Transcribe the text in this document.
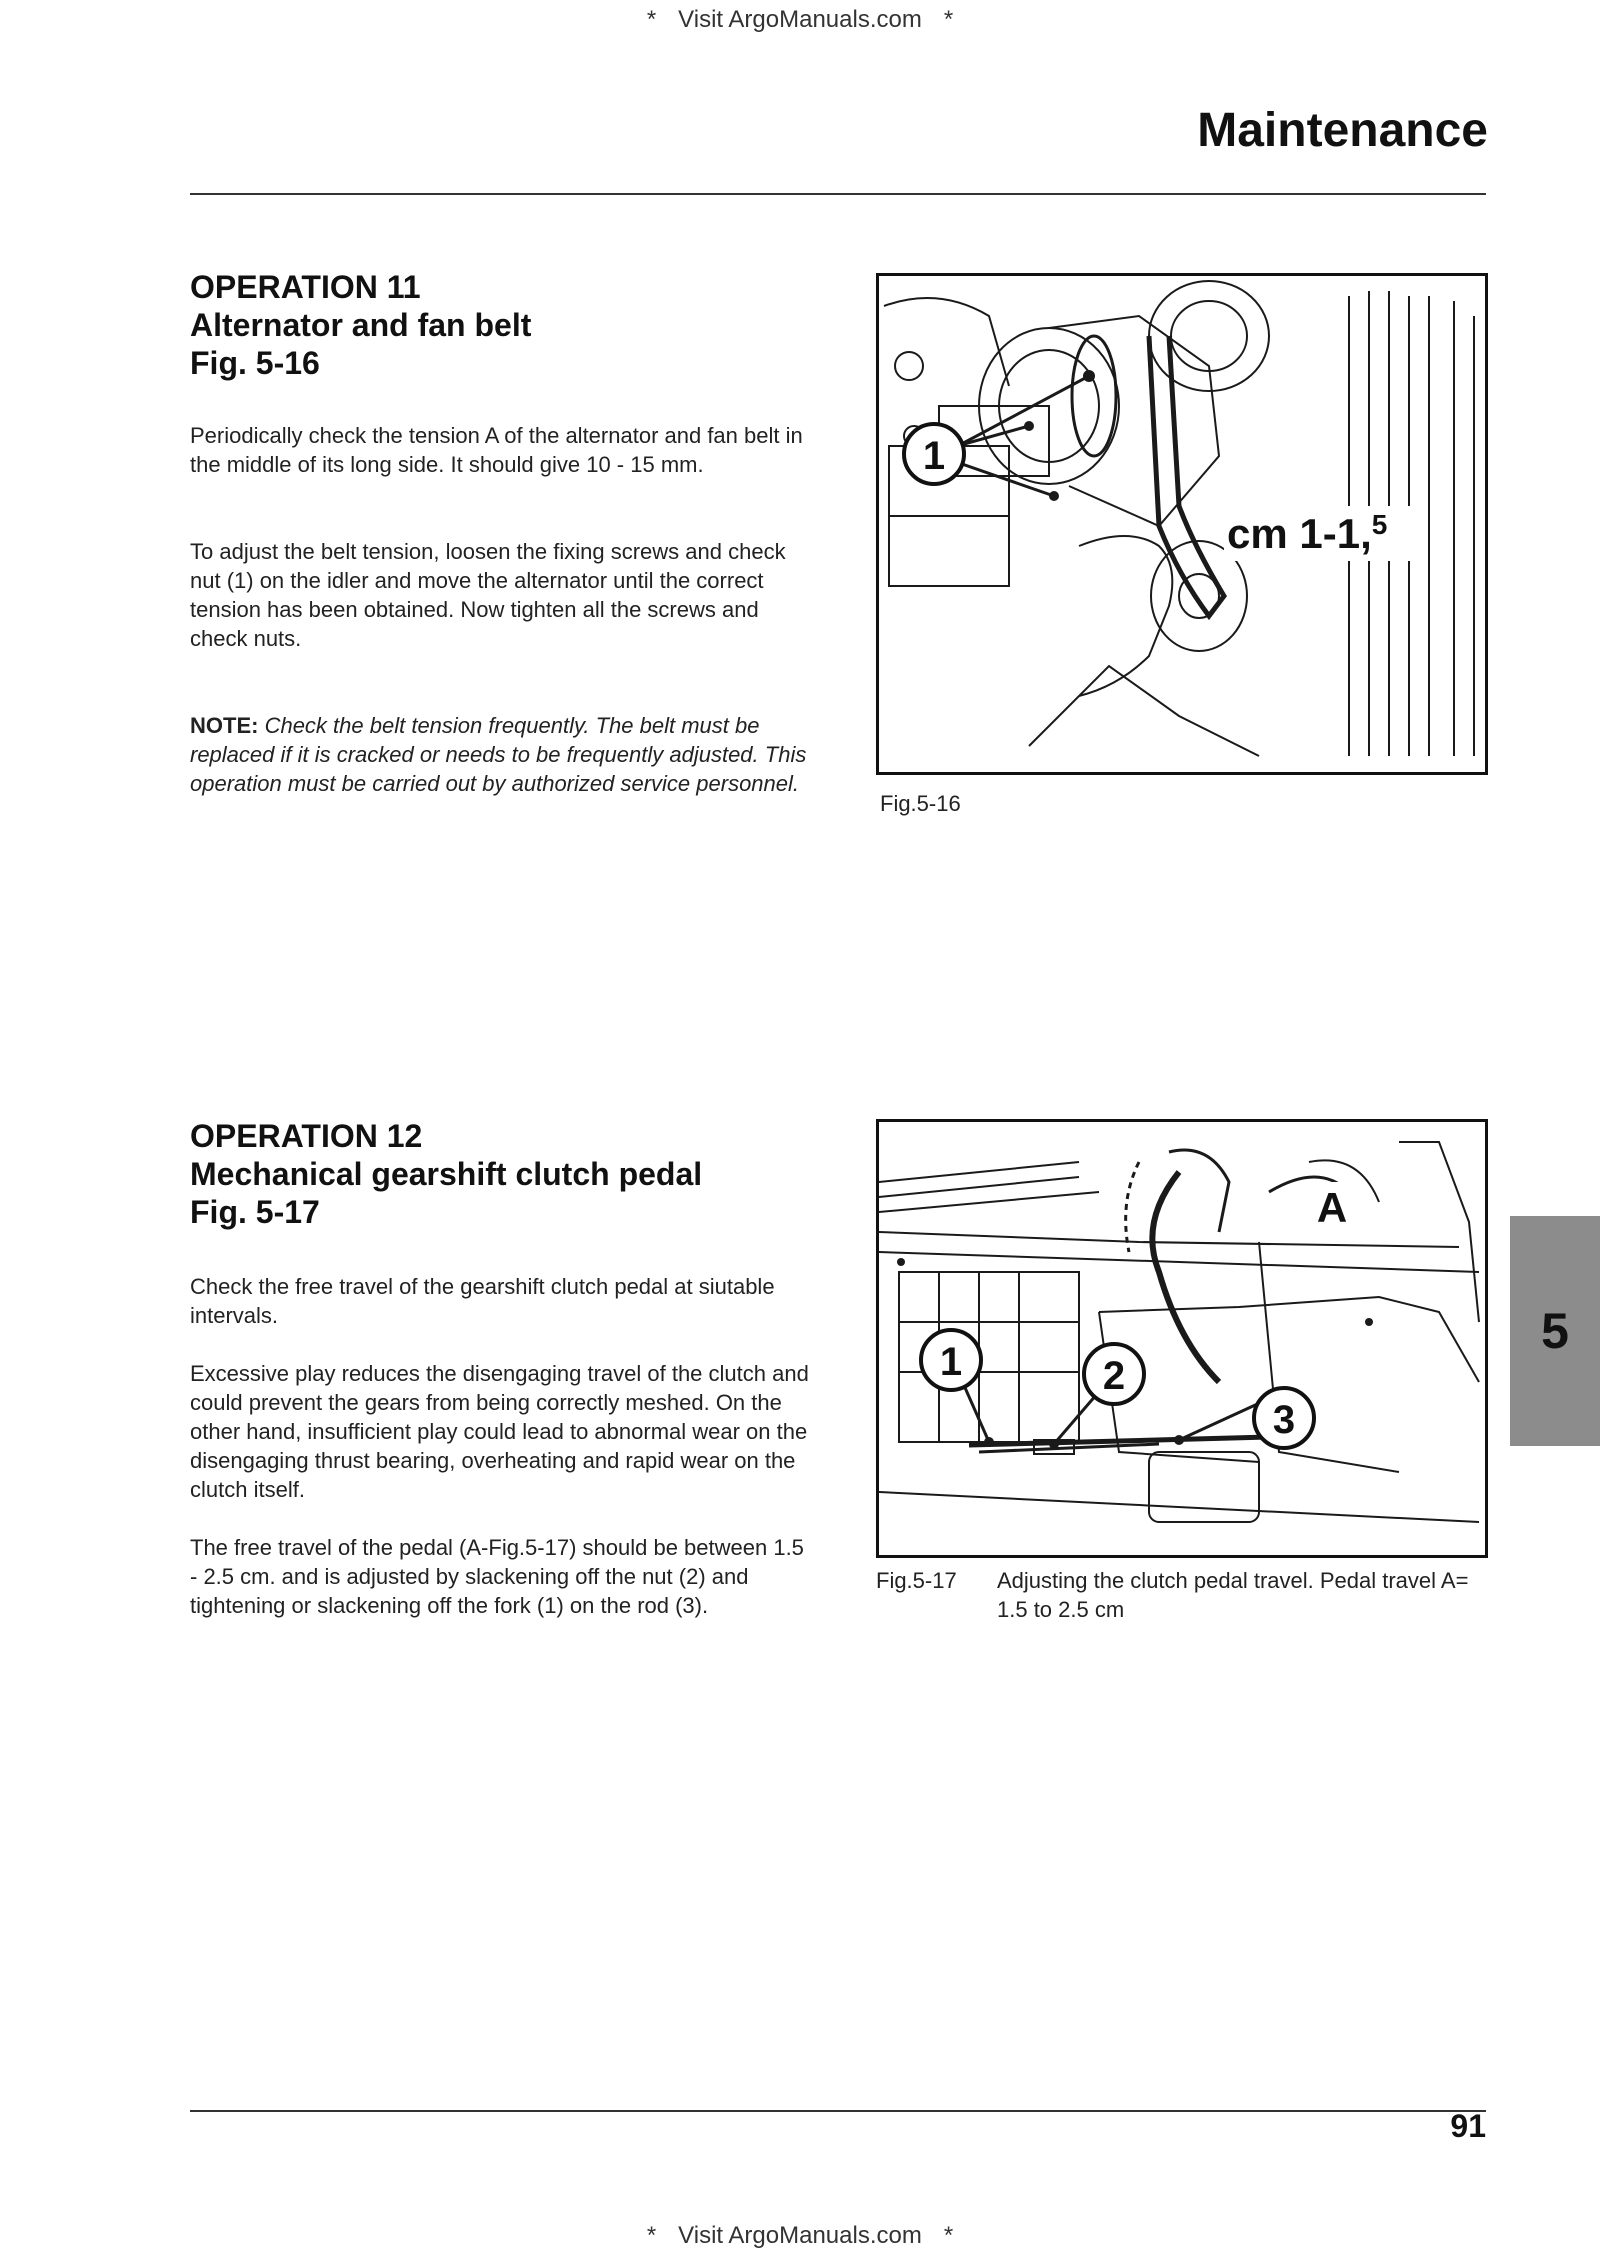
* Visit ArgoManuals.com *
Maintenance
OPERATION 11
Alternator and fan belt
Fig. 5-16
Periodically check the tension A of the alternator and fan belt in the middle of its long side. It should give 10 - 15 mm.
To adjust the belt tension, loosen the fixing screws and check nut (1) on the idler and move the alternator until the correct tension has been obtained. Now tighten all the screws and check nuts.
NOTE: Check the belt tension frequently. The belt must be replaced if it is cracked or needs to be frequently adjusted. This operation must be carried out by authorized service personnel.
1
cm 1-1,$^5$
Fig.5-16
OPERATION 12
Mechanical gearshift clutch pedal
Fig. 5-17
Check the free travel of the gearshift clutch pedal at siutable intervals.
Excessive play reduces the disengaging travel of the clutch and could prevent the gears from being correctly meshed. On the other hand, insufficient play could lead to abnormal wear on the disengaging thrust bearing, overheating and rapid wear on the clutch itself.
The free travel of the pedal (A-Fig.5-17) should be between 1.5 - 2.5 cm. and is adjusted by slackening off the nut (2) and tightening or slackening off the fork (1) on the rod (3).
A
1	2
3
Fig.5-17 Adjusting the clutch pedal travel. Pedal travel A= 1.5 to 2.5 cm
5
91
* Visit ArgoManuals.com *
